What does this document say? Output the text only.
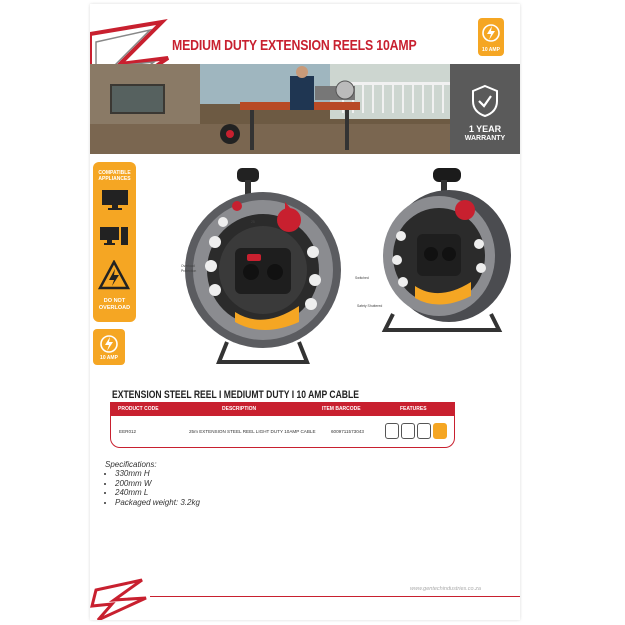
MEDIUM DUTY EXTENSION REELS 10AMP	10 AMP
1 YEAR
WARRANTY
COMPATIBLE
APPLIANCES
DO NOT
OVERLOAD
10 AMP
25
Overload
Protection
Switched
Safety Shuttered
EXTENSION STEEL REEL I MEDIUMT DUTY I 10 AMP CABLE
PRODUCT CODE	DESCRIPTION	ITEM BARCODE	FEATURES
EER012	25m EXTENSION STEEL REEL LIGHT DUTY 10AMP CABLE	6009711573043
Specifications:
• 330mm H
• 200mm W
• 240mm L
• Packaged weight: 3.2kg
www.gentechindustries.co.za
